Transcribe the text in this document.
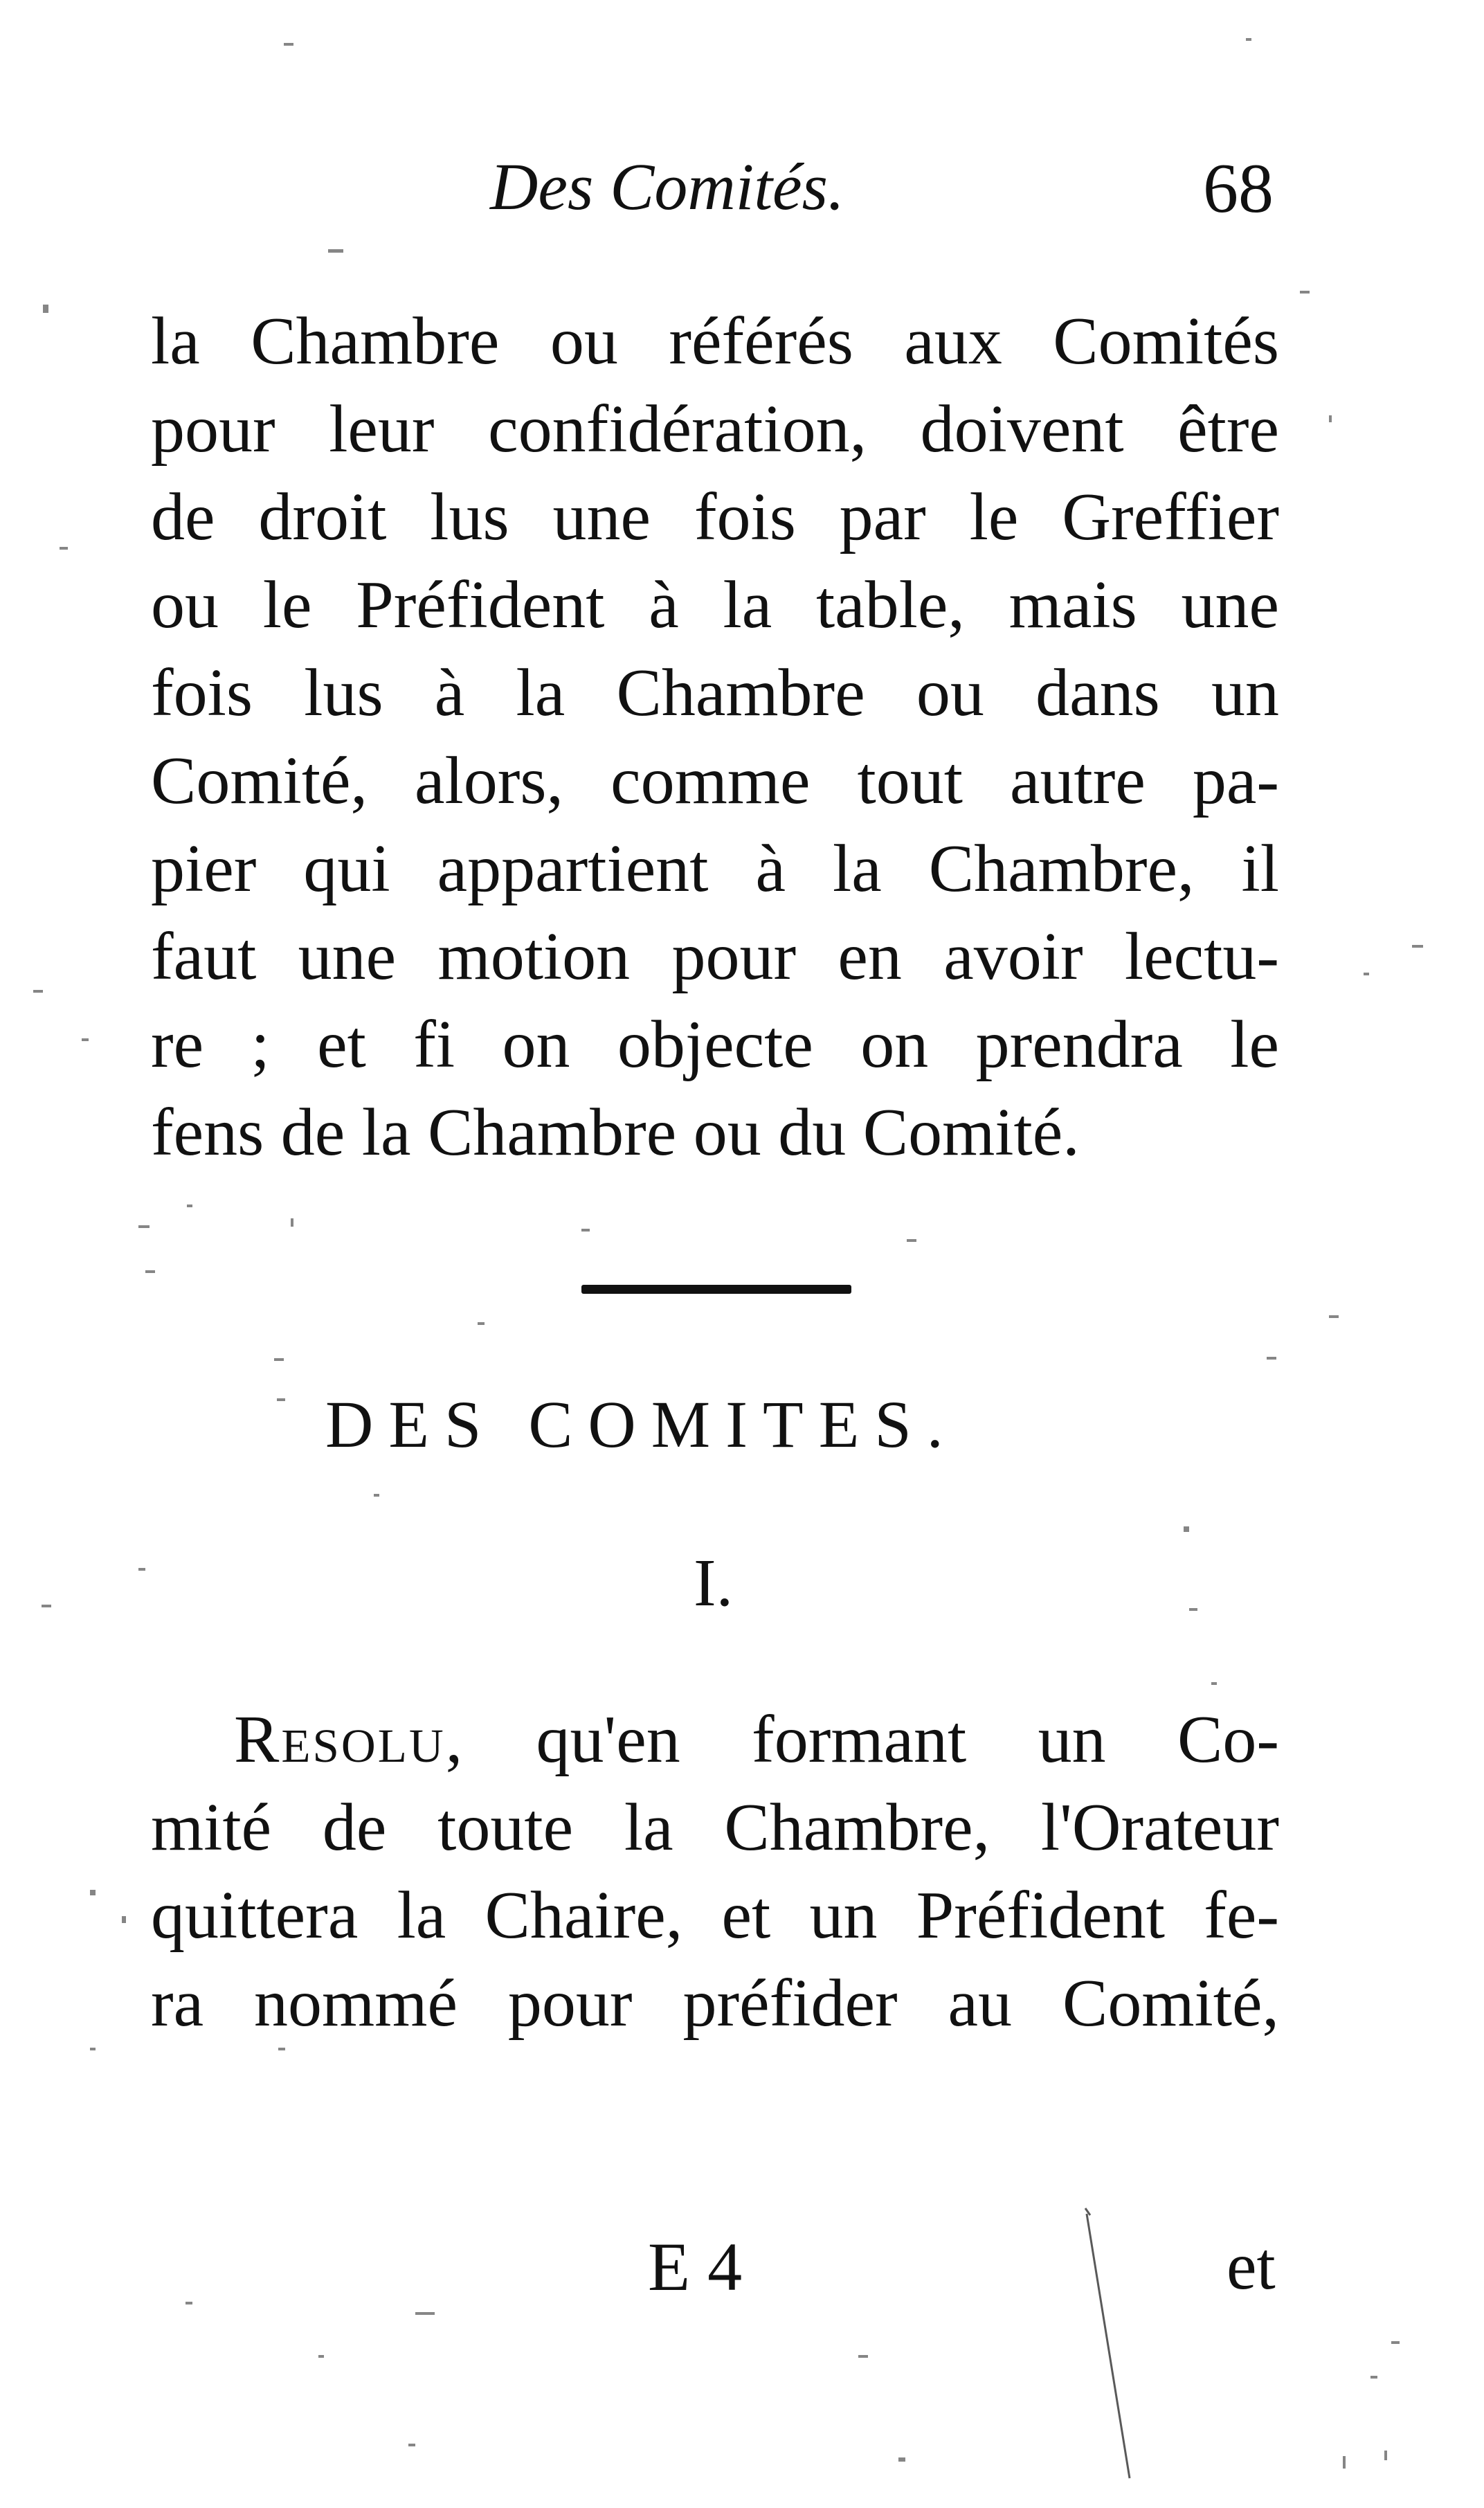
Des Comités.	68
la Chambre ou référés aux Comités
pour leur confidération, doivent être
de droit lus une fois par le Greffier
ou le Préfident à la table, mais une
fois lus à la Chambre ou dans un
Comité, alors, comme tout autre pa-
pier qui appartient à la Chambre, il
faut une motion pour en avoir lectu-
re ; et fi on objecte on prendra le
fens de la Chambre ou du Comité.
DES COMITES.
I.
Resolu, qu'en formant un Co-
mité de toute la Chambre, l'Orateur
quittera la Chaire, et un Préfident fe-
ra nommé pour préfider au Comité,
E 4	et
